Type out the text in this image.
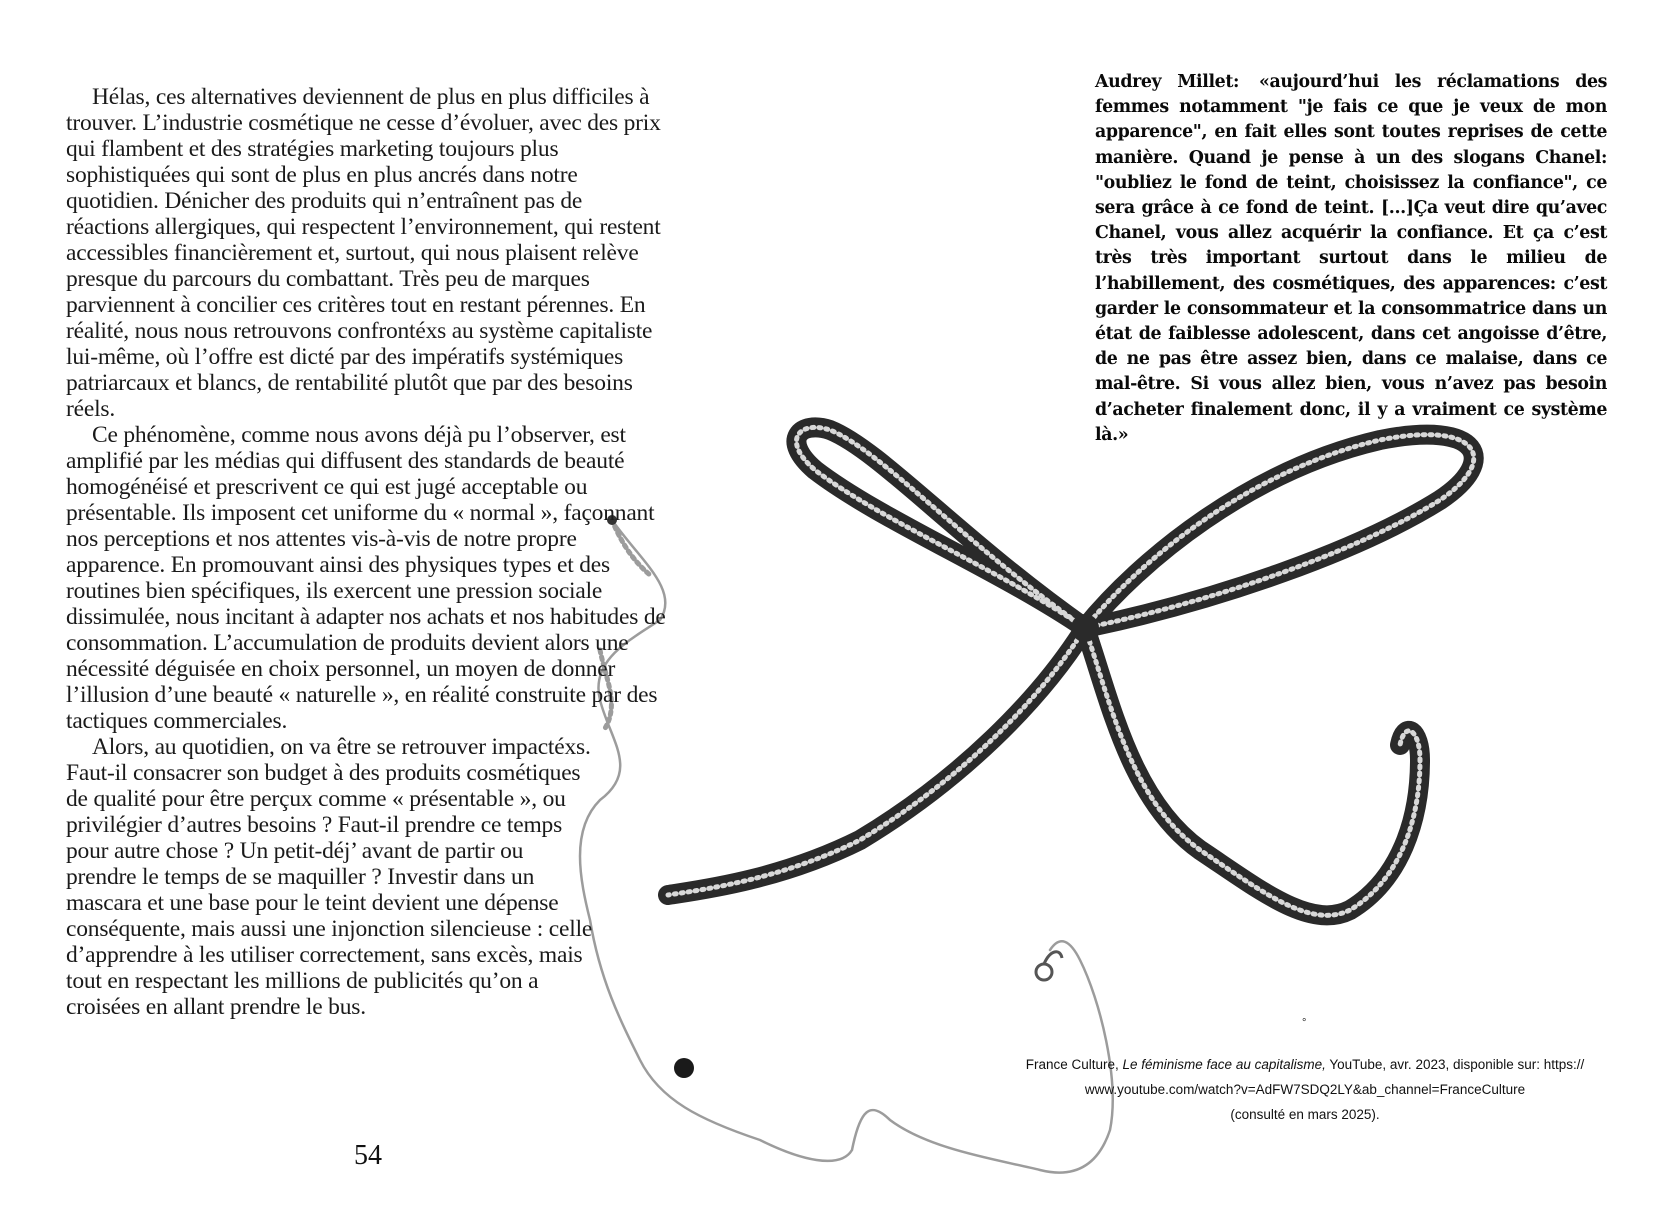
Hélas, ces alternatives deviennent de plus en plus difficiles à trouver. L’industrie cosmétique ne cesse d’évoluer, avec des prix qui flambent et des stratégies marketing toujours plus sophistiquées qui sont de plus en plus ancrés dans notre quotidien. Dénicher des produits qui n’entraînent pas de réactions allergiques, qui respectent l’environnement, qui restent accessibles financièrement et, surtout, qui nous plaisent relève presque du parcours du combattant. Très peu de marques parviennent à concilier ces critères tout en restant pérennes. En réalité, nous nous retrouvons confrontéxs au système capitaliste lui-même, où l’offre est dicté par des impératifs systémiques patriarcaux et blancs, de rentabilité plutôt que par des besoins réels.

Ce phénomène, comme nous avons déjà pu l’observer, est amplifié par les médias qui diffusent des standards de beauté homogénéisé et prescrivent ce qui est jugé acceptable ou présentable. Ils imposent cet uniforme du « normal », façonnant nos perceptions et nos attentes vis-à-vis de notre propre apparence. En promouvant ainsi des physiques types et des routines bien spécifiques, ils exercent une pression sociale dissimulée, nous incitant à adapter nos achats et nos habitudes de consommation. L’accumulation de produits devient alors une nécessité déguisée en choix personnel, un moyen de donner l’illusion d’une beauté « naturelle », en réalité construite par des tactiques commerciales.

Alors, au quotidien, on va être se retrouver impactéxs. Faut-il consacrer son budget à des produits cosmétiques de qualité pour être perçux comme « présentable », ou privilégier d’autres besoins ? Faut-il prendre ce temps pour autre chose ? Un petit-déj’ avant de partir ou prendre le temps de se maquiller ? Investir dans un mascara et une base pour le teint devient une dépense conséquente, mais aussi une injonction silencieuse : celle d’apprendre à les utiliser correctement, sans excès, mais tout en respectant les millions de publicités qu’on a croisées en allant prendre le bus.

54
Audrey Millet: «aujourd’hui les réclamations des femmes notamment "je fais ce que je veux de mon apparence", en fait elles sont toutes reprises de cette manière. Quand je pense à un des slogans Chanel: "oubliez le fond de teint, choisissez la confiance", ce sera grâce à ce fond de teint. [...]Ça veut dire qu’avec Chanel, vous allez acquérir la confiance. Et ça c’est très très important surtout dans le milieu de l’habillement, des cosmétiques, des apparences: c’est garder le consommateur et la consommatrice dans un état de faiblesse adolescent, dans cet angoisse d’être, de ne pas être assez bien, dans ce malaise, dans ce mal-être. Si vous allez bien, vous n’avez pas besoin d’acheter finalement donc, il y a vraiment ce système là.»
°
France Culture, Le féminisme face au capitalisme, YouTube, avr. 2023, disponible sur: https://
www.youtube.com/watch?v=AdFW7SDQ2LY&ab_channel=FranceCulture
(consulté en mars 2025).
